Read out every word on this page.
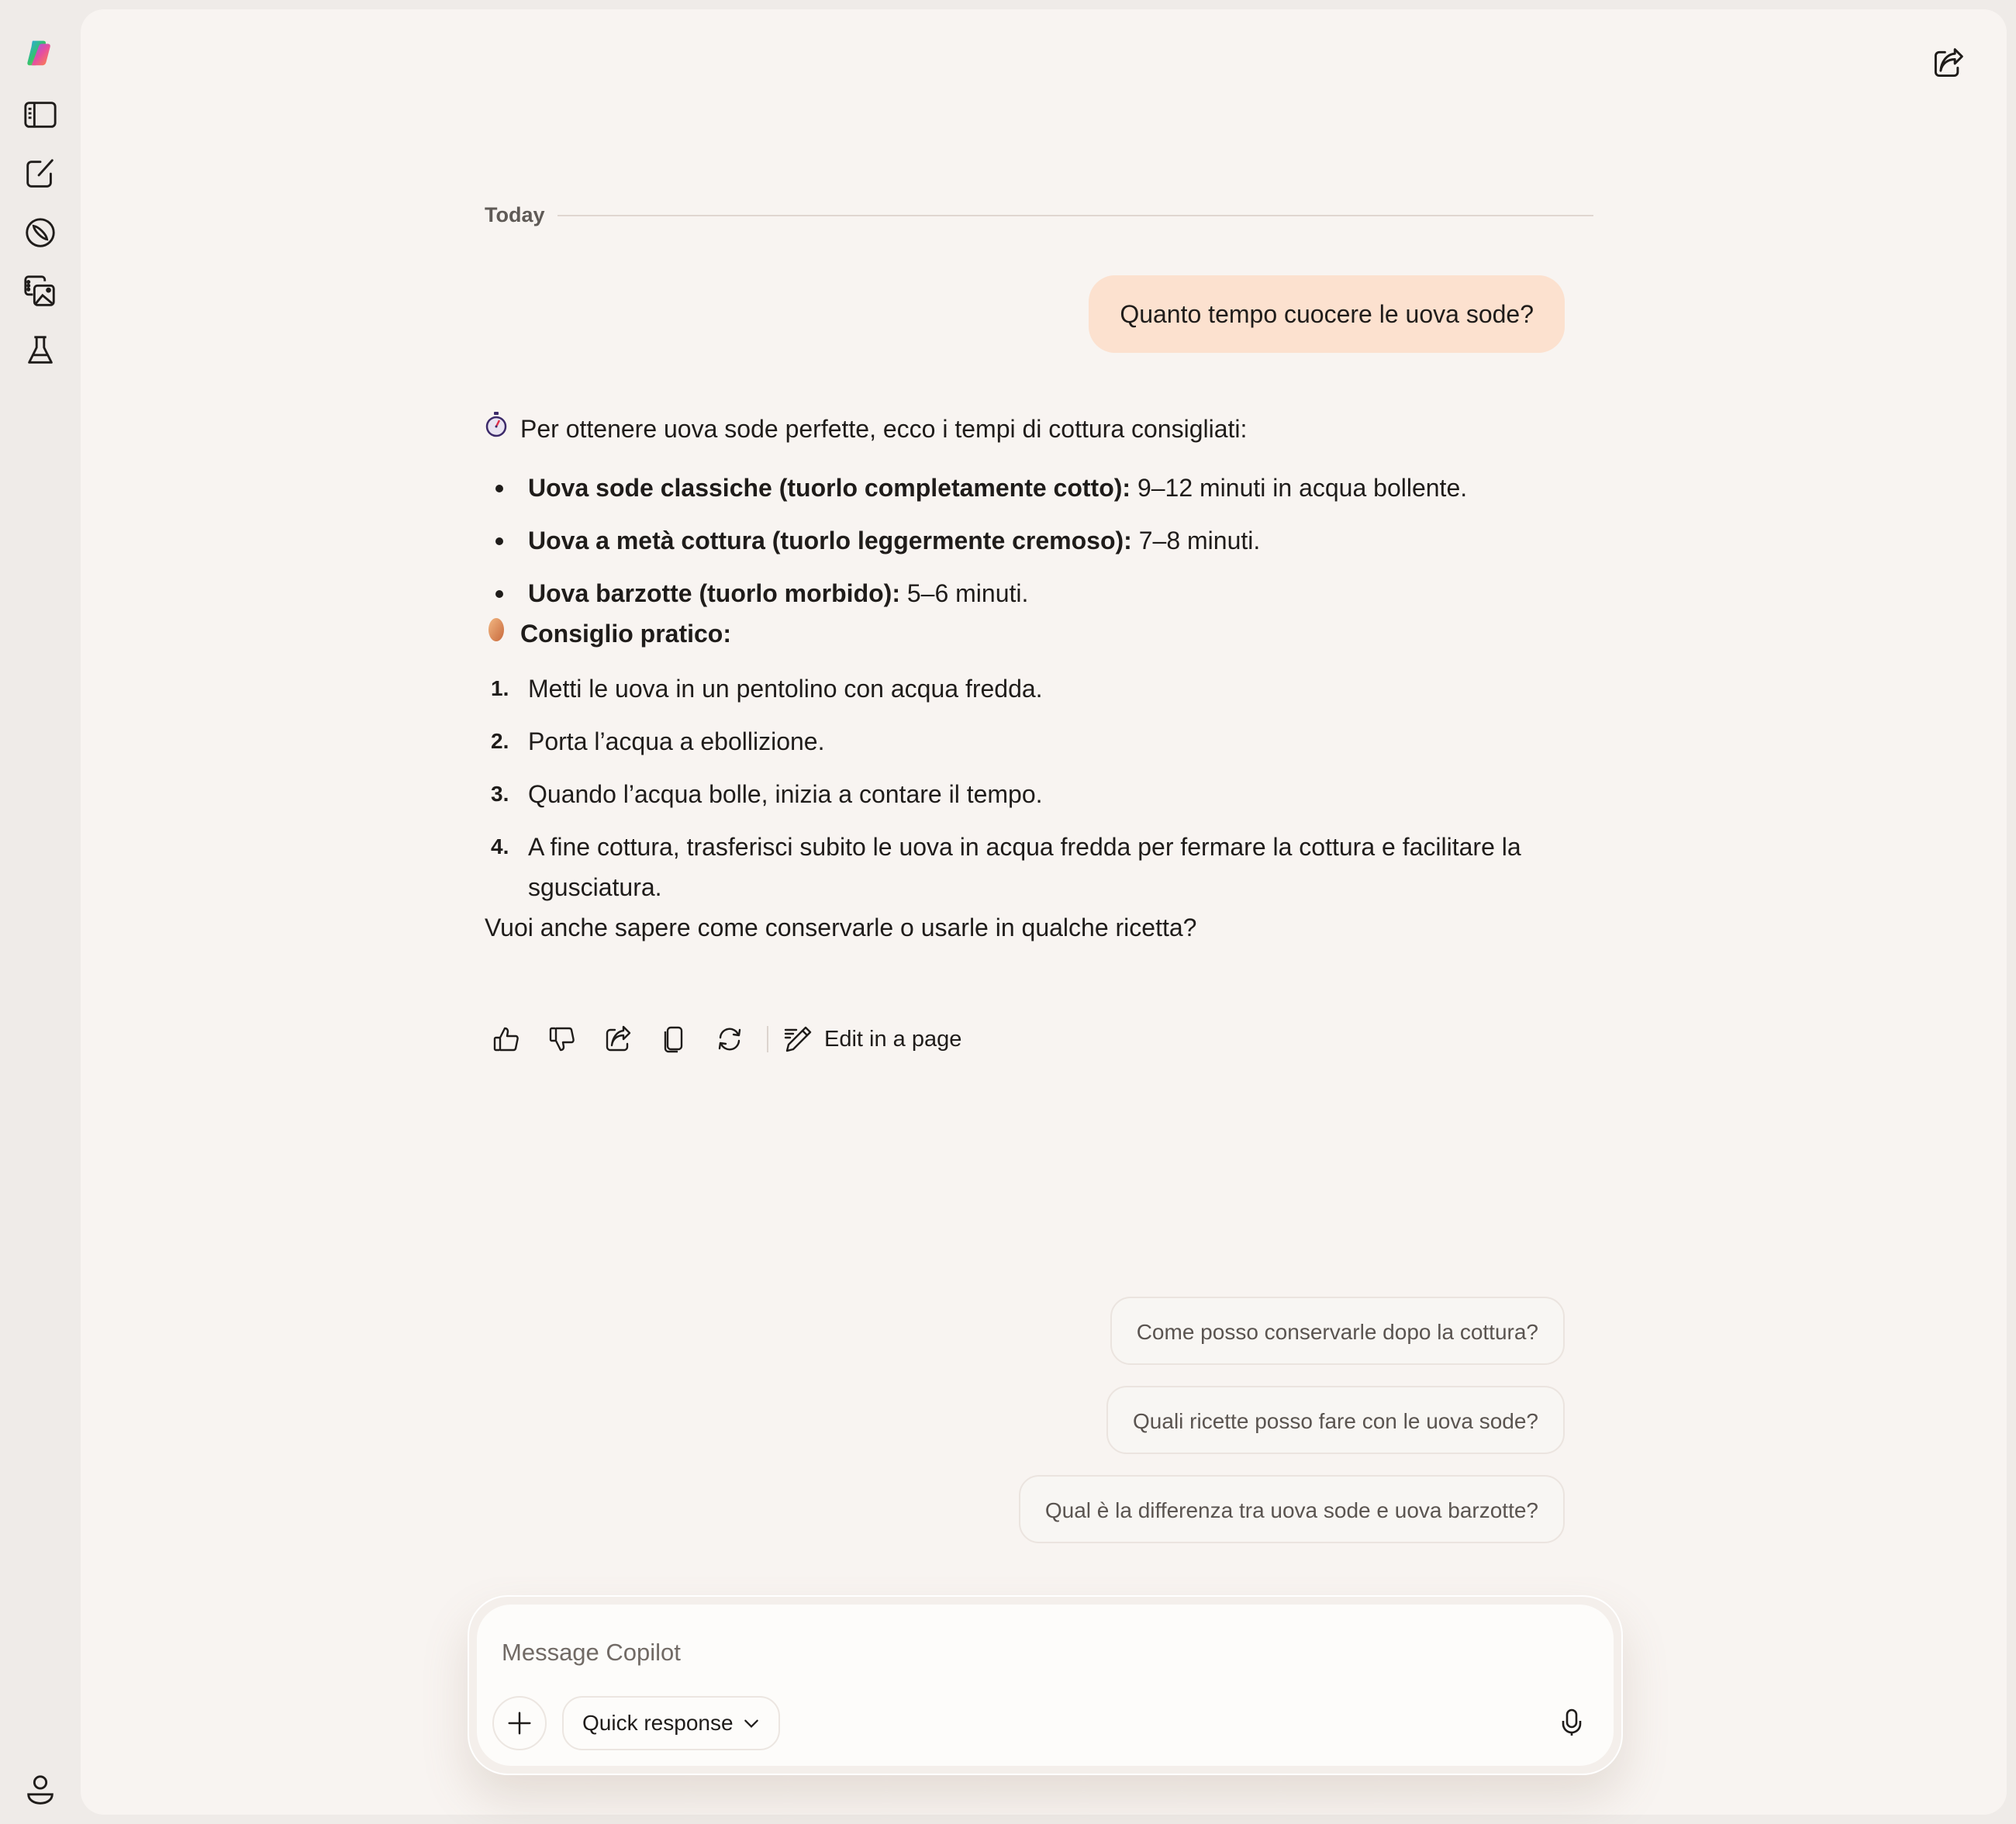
Today
Quanto tempo cuocere le uova sode?

Per ottenere uova sode perfette, ecco i tempi di cottura consigliati:

Uova sode classiche (tuorlo completamente cotto): 9–12 minuti in acqua bollente.
Uova a metà cottura (tuorlo leggermente cremoso): 7–8 minuti.
Uova barzotte (tuorlo morbido): 5–6 minuti.

Consiglio pratico:

1. Metti le uova in un pentolino con acqua fredda.
2. Porta l’acqua a ebollizione.
3. Quando l’acqua bolle, inizia a contare il tempo.
4. A fine cottura, trasferisci subito le uova in acqua fredda per fermare la cottura e facilitare la sgusciatura.

Vuoi anche sapere come conservarle o usarle in qualche ricetta?

Edit in a page
Come posso conservarle dopo la cottura?
Quali ricette posso fare con le uova sode?
Qual è la differenza tra uova sode e uova barzotte?
Message Copilot
Quick response
